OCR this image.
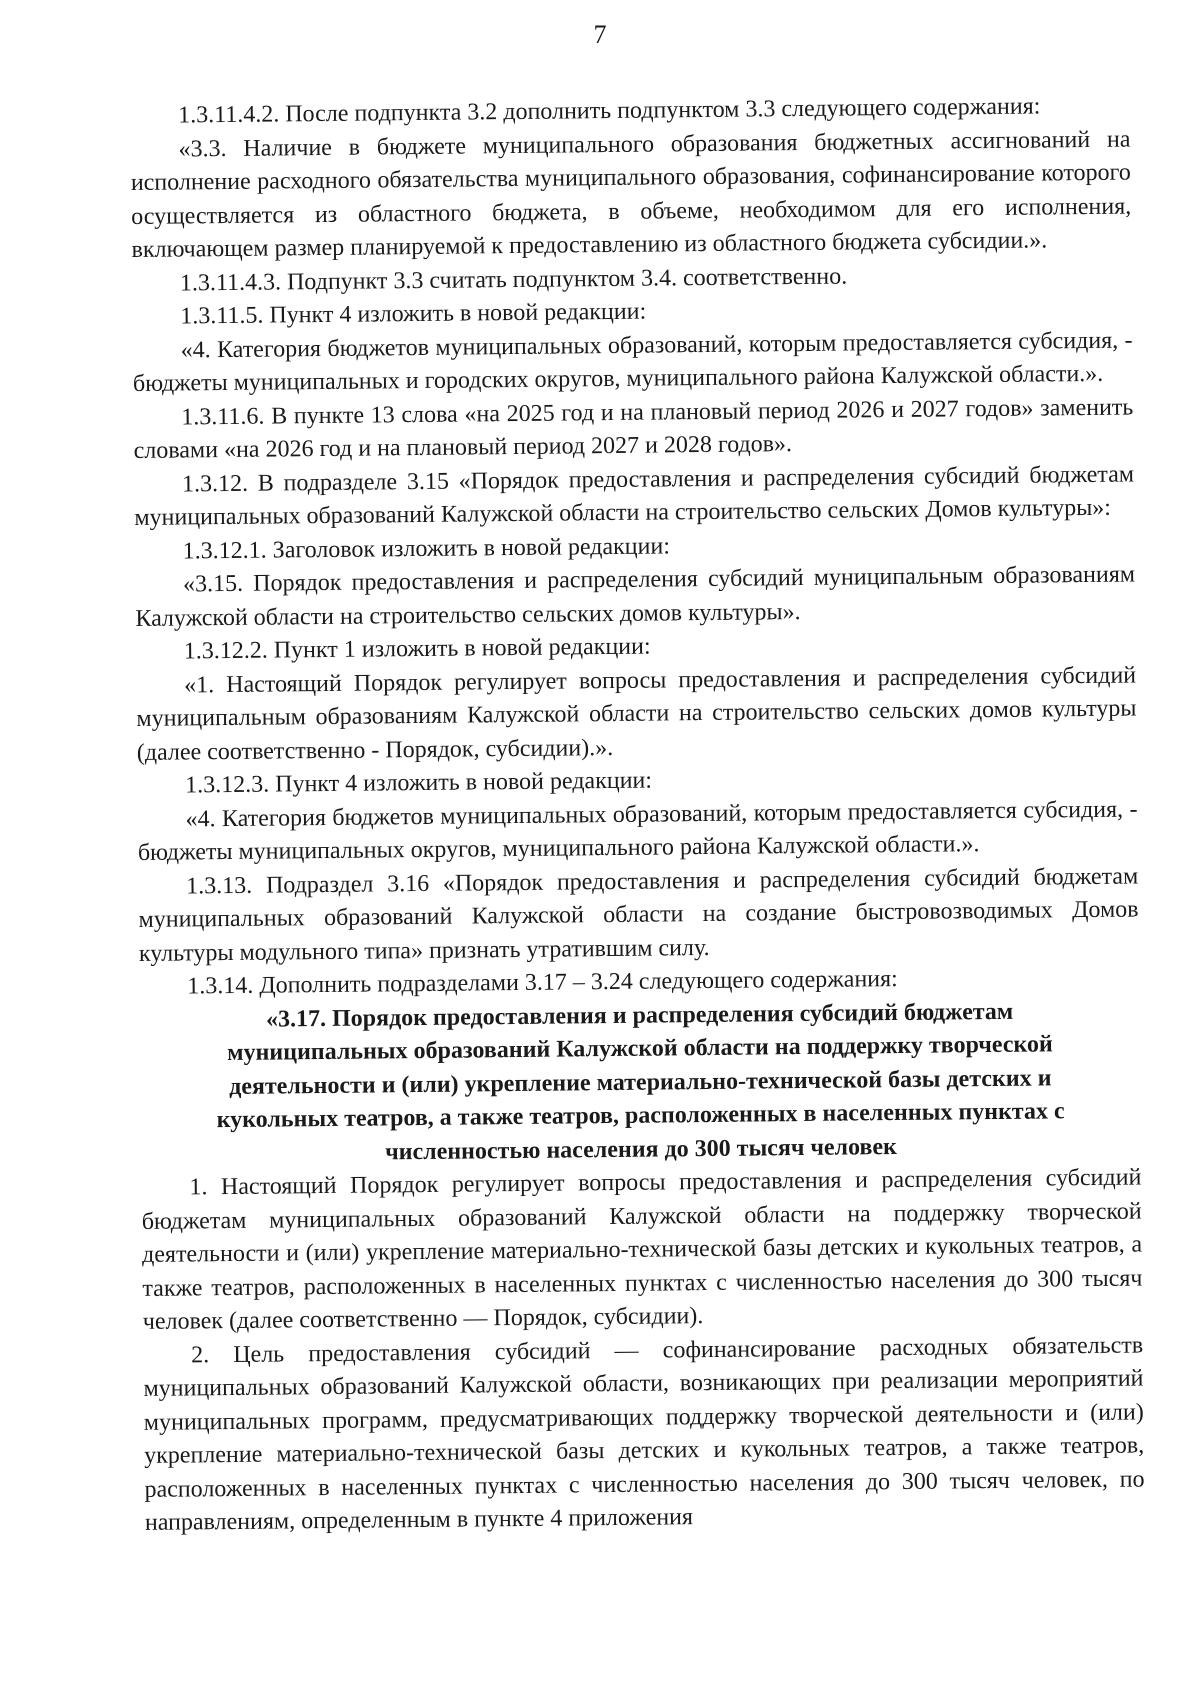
7

1.3.11.4.2. После подпункта 3.2 дополнить подпунктом 3.3 следующего содержания:

«3.3. Наличие в бюджете муниципального образования бюджетных ассигнований на исполнение расходного обязательства муниципального образования, софинансирование которого осуществляется из областного бюджета, в объеме, необходимом для его исполнения, включающем размер планируемой к предоставлению из областного бюджета субсидии.».

1.3.11.4.3. Подпункт 3.3 считать подпунктом 3.4. соответственно.

1.3.11.5. Пункт 4 изложить в новой редакции:

«4. Категория бюджетов муниципальных образований, которым предоставляется субсидия, - бюджеты муниципальных и городских округов, муниципального района Калужской области.».

1.3.11.6. В пункте 13 слова «на 2025 год и на плановый период 2026 и 2027 годов» заменить словами «на 2026 год и на плановый период 2027 и 2028 годов».

1.3.12. В подразделе 3.15 «Порядок предоставления и распределения субсидий бюджетам муниципальных образований Калужской области на строительство сельских Домов культуры»:

1.3.12.1. Заголовок изложить в новой редакции:

«3.15. Порядок предоставления и распределения субсидий муниципальным образованиям Калужской области на строительство сельских домов культуры».

1.3.12.2. Пункт 1 изложить в новой редакции:

«1. Настоящий Порядок регулирует вопросы предоставления и распределения субсидий муниципальным образованиям Калужской области на строительство сельских домов культуры (далее соответственно - Порядок, субсидии).».

1.3.12.3. Пункт 4 изложить в новой редакции:

«4. Категория бюджетов муниципальных образований, которым предоставляется субсидия, - бюджеты муниципальных округов, муниципального района Калужской области.».

1.3.13. Подраздел 3.16 «Порядок предоставления и распределения субсидий бюджетам муниципальных образований Калужской области на создание быстровозводимых Домов культуры модульного типа» признать утратившим силу.

1.3.14. Дополнить подразделами 3.17 – 3.24 следующего содержания:

«3.17. Порядок предоставления и распределения субсидий бюджетам муниципальных образований Калужской области на поддержку творческой деятельности и (или) укрепление материально-технической базы детских и кукольных театров, а также театров, расположенных в населенных пунктах с численностью населения до 300 тысяч человек

1. Настоящий Порядок регулирует вопросы предоставления и распределения субсидий бюджетам муниципальных образований Калужской области на поддержку творческой деятельности и (или) укрепление материально-технической базы детских и кукольных театров, а также театров, расположенных в населенных пунктах с численностью населения до 300 тысяч человек (далее соответственно — Порядок, субсидии).

2. Цель предоставления субсидий — софинансирование расходных обязательств муниципальных образований Калужской области, возникающих при реализации мероприятий муниципальных программ, предусматривающих поддержку творческой деятельности и (или) укрепление материально-технической базы детских и кукольных театров, а также театров, расположенных в населенных пунктах с численностью населения до 300 тысяч человек, по направлениям, определенным в пункте 4 приложения
